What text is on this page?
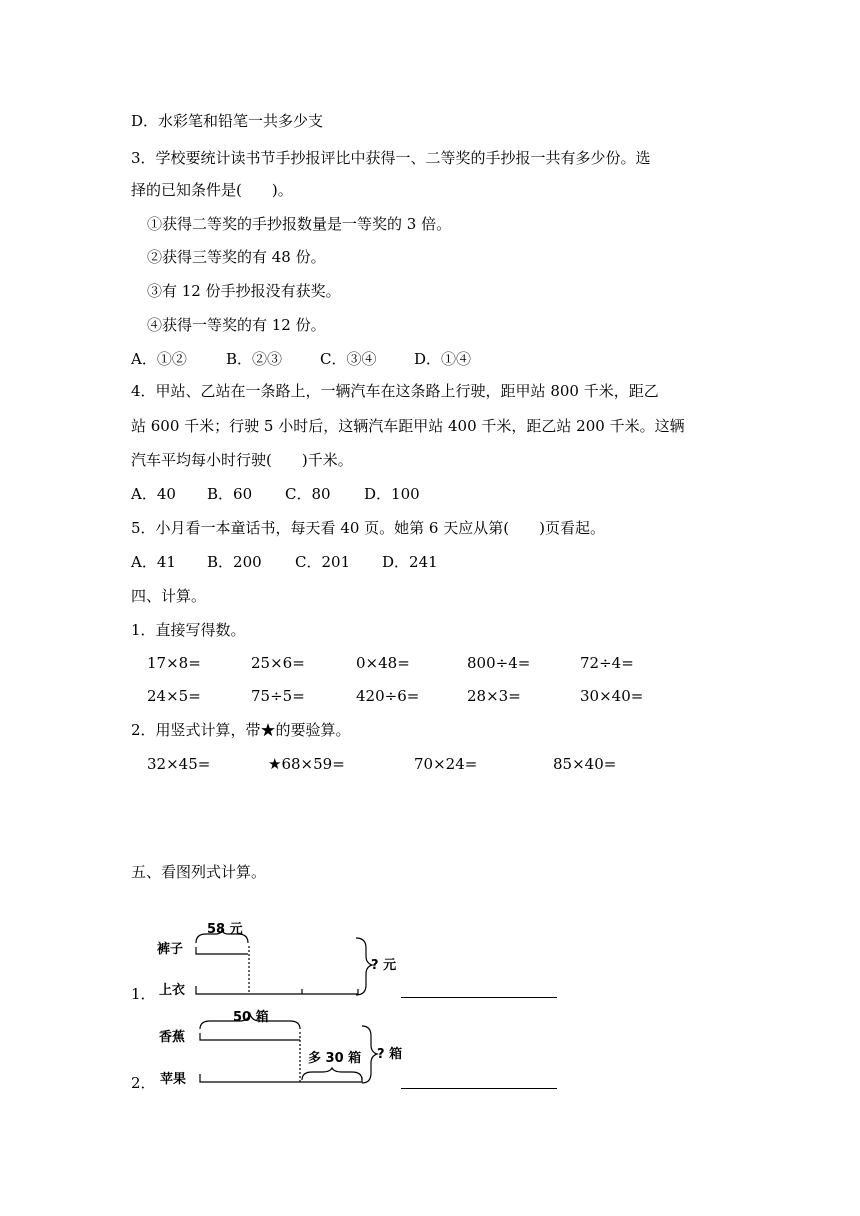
D．水彩笔和铅笔一共多少支
3．学校要统计读书节手抄报评比中获得一、二等奖的手抄报一共有多少份。选
择的已知条件是(　　)。
①获得二等奖的手抄报数量是一等奖的 3 倍。
②获得三等奖的有 48 份。
③有 12 份手抄报没有获奖。
④获得一等奖的有 12 份。
A．①②	B．②③	C．③④	D．①④
4．甲站、乙站在一条路上，一辆汽车在这条路上行驶，距甲站 800 千米，距乙
站 600 千米；行驶 5 小时后，这辆汽车距甲站 400 千米，距乙站 200 千米。这辆
汽车平均每小时行驶(　　)千米。
A．40 B．60 C．80 D．100
5．小月看一本童话书，每天看 40 页。她第 6 天应从第(　　)页看起。
A．41 B．200 C．201 D．241
四、计算。
1．直接写得数。
17×8=	25×6=	0×48=	800÷4=	72÷4=
24×5=	75÷5=	420÷6=	28×3=	30×40=
2．用竖式计算，带★的要验算。
32×45=	★68×59=	70×24=	85×40=
五、看图列式计算。
58 元
裤子
? 元
1． 上衣
50 箱
香蕉
? 箱
多 30 箱
2． 苹果
